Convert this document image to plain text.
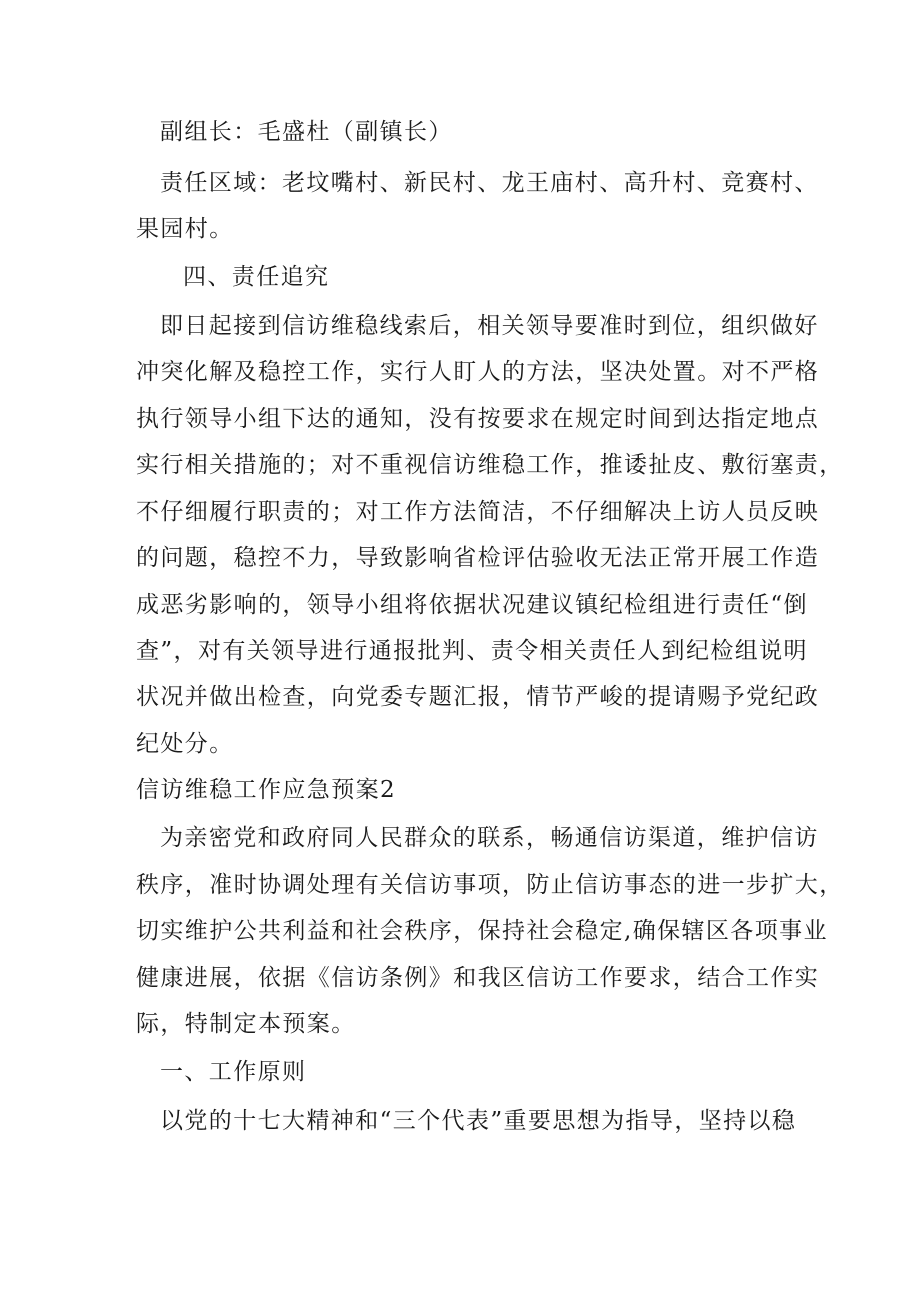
副组长：毛盛杜（副镇长）
责任区域：老坟嘴村、新民村、龙王庙村、高升村、竞赛村、
果园村。
四、责任追究
即日起接到信访维稳线索后，相关领导要准时到位，组织做好
冲突化解及稳控工作，实行人盯人的方法，坚决处置。对不严格
执行领导小组下达的通知，没有按要求在规定时间到达指定地点
实行相关措施的；对不重视信访维稳工作，推诿扯皮、敷衍塞责，
不仔细履行职责的；对工作方法简洁，不仔细解决上访人员反映
的问题，稳控不力，导致影响省检评估验收无法正常开展工作造
成恶劣影响的，领导小组将依据状况建议镇纪检组进行责任“倒
查”，对有关领导进行通报批判、责令相关责任人到纪检组说明
状况并做出检查，向党委专题汇报，情节严峻的提请赐予党纪政
纪处分。
信访维稳工作应急预案2
为亲密党和政府同人民群众的联系，畅通信访渠道，维护信访
秩序，准时协调处理有关信访事项，防止信访事态的进一步扩大，
切实维护公共利益和社会秩序，保持社会稳定,确保辖区各项事业
健康进展，依据《信访条例》和我区信访工作要求，结合工作实
际，特制定本预案。
一、工作原则
以党的十七大精神和“三个代表”重要思想为指导，坚持以稳
